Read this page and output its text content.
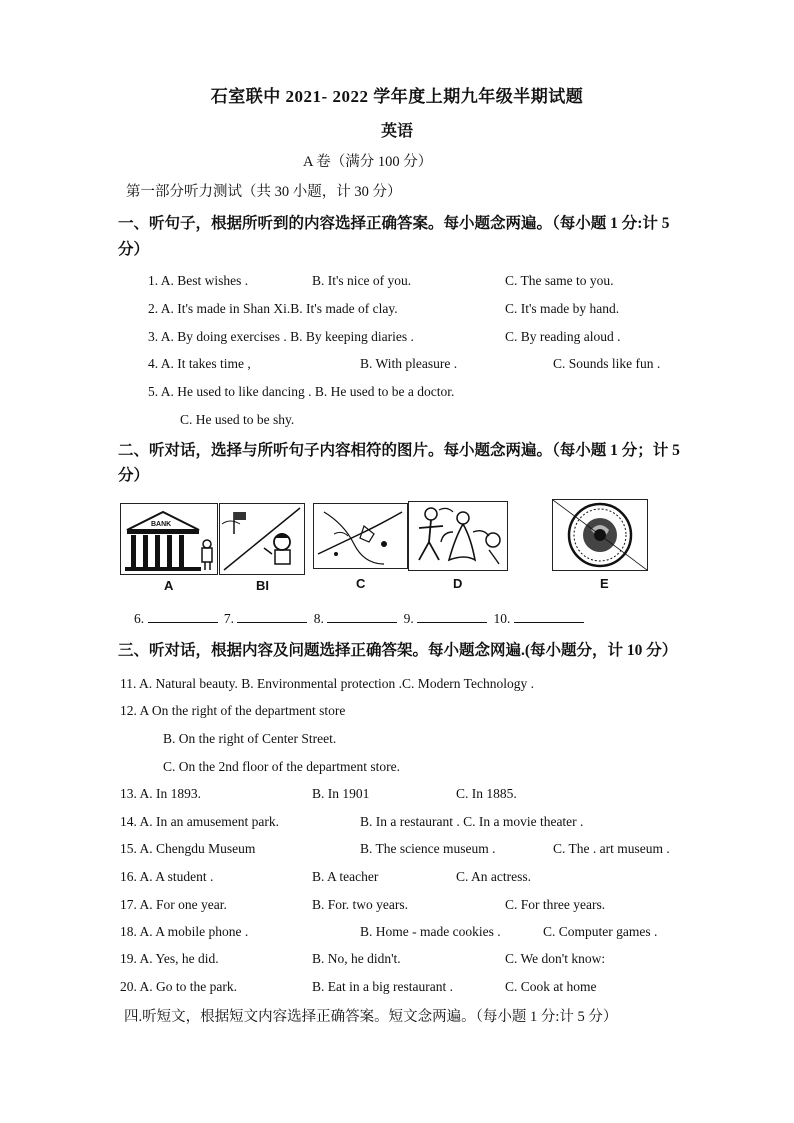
石室联中 2021- 2022 学年度上期九年级半期试题
英语
A 卷（满分 100 分）
第一部分听力测试（共 30 小题，计 30 分）
一、听句子，根据所听到的内容选择正确答案。每小题念两遍。（每小题 1 分:计 5
分）
1. A. Best wishes .	B. It's nice of you.	C. The same to you.
2. A. It's made in Shan Xi.B. It's made of clay.	C. It's made by hand.
3. A. By doing exercises . B. By keeping diaries .	C. By reading aloud .
4. A. It takes time ,	B. With pleasure .	C. Sounds like fun .
5. A. He used to like dancing . B. He used to be a doctor.
C. He used to be shy.
二、听对话，选择与所听句子内容相符的图片。每小题念两遍。（每小题 1 分；计 5
分）
BANK
A	BI	C	D	E
6.	7.	8.	9.	10.
三、听对话，根据内容及问题选择正确答架。每小题念网遍.(每小题分，计 10 分）
11. A. Natural beauty. B. Environmental protection .C. Modern Technology .
12. A On the right of the department store
B. On the right of Center Street.
C. On the 2nd floor of the department store.
13. A. In 1893.	B. In 1901	C. In 1885.
14. A. In an amusement park.	B. In a restaurant . C. In a movie theater .
15. A. Chengdu Museum	B. The science museum .	C. The . art museum .
16. A. A student .	B. A teacher	C. An actress.
17. A. For one year.	B. For. two years.	C. For three years.
18. A. A mobile phone .	B. Home - made cookies .	C. Computer games .
19. A. Yes, he did.	B. No, he didn't.	C. We don't know:
20. A. Go to the park.	B. Eat in a big restaurant .	C. Cook at home
四.听短文，根据短文内容选择正确答案。短文念两遍。（每小题 1 分:计 5 分）
